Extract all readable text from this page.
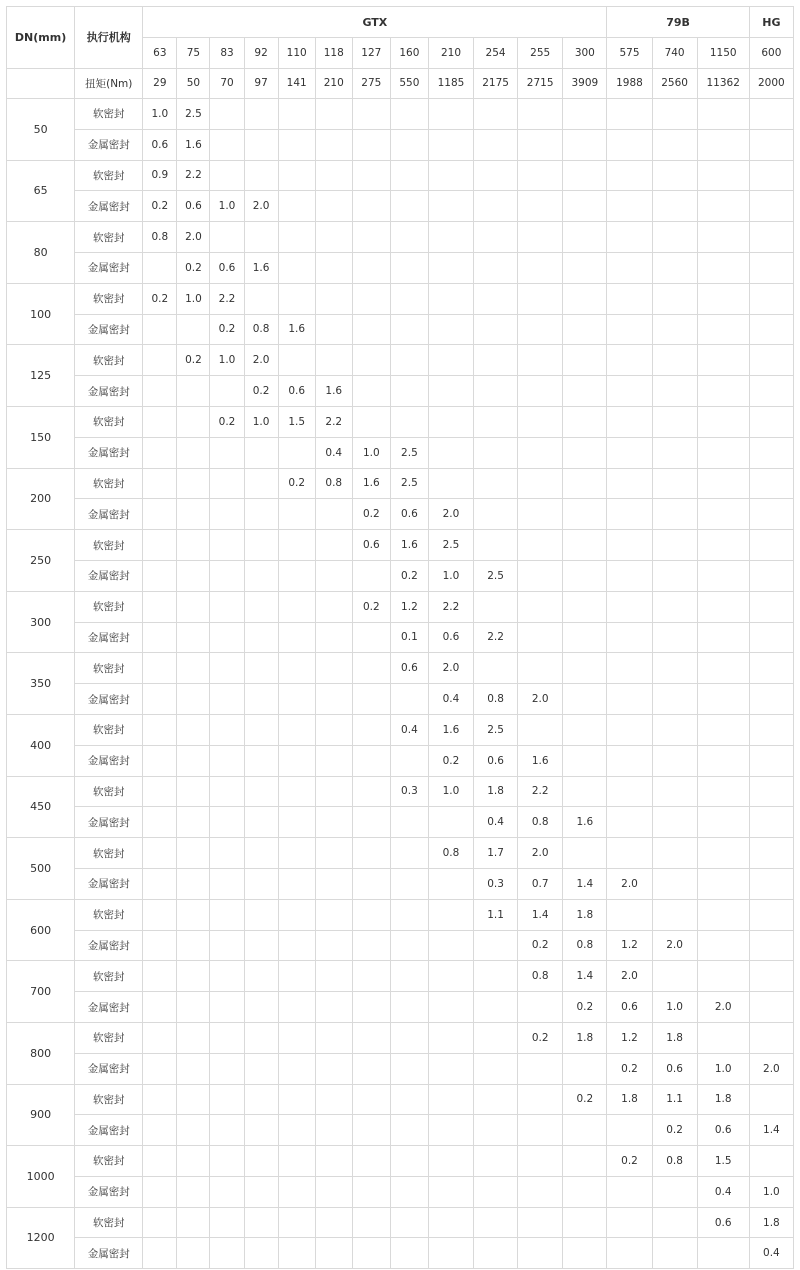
DN(mm)	执行机构	GTX												79B			HG
		63	75	83	92	110	118	127	160	210	254	255	300	575	740	1150	600
	扭矩(Nm)	29	50	70	97	141	210	275	550	1185	2175	2715	3909	1988	2560	11362	2000
50	软密封	1.0	2.5														
	金属密封	0.6	1.6														
65	软密封	0.9	2.2														
	金属密封	0.2	0.6	1.0	2.0												
80	软密封	0.8	2.0														
	金属密封		0.2	0.6	1.6												
100	软密封	0.2	1.0	2.2													
	金属密封			0.2	0.8	1.6											
125	软密封		0.2	1.0	2.0												
	金属密封				0.2	0.6	1.6										
150	软密封			0.2	1.0	1.5	2.2										
	金属密封						0.4	1.0	2.5								
200	软密封					0.2	0.8	1.6	2.5								
	金属密封							0.2	0.6	2.0							
250	软密封							0.6	1.6	2.5							
	金属密封								0.2	1.0	2.5						
300	软密封							0.2	1.2	2.2							
	金属密封								0.1	0.6	2.2						
350	软密封								0.6	2.0							
	金属密封									0.4	0.8	2.0					
400	软密封								0.4	1.6	2.5						
	金属密封									0.2	0.6	1.6					
450	软密封								0.3	1.0	1.8	2.2					
	金属密封										0.4	0.8	1.6				
500	软密封									0.8	1.7	2.0					
	金属密封										0.3	0.7	1.4	2.0			
600	软密封										1.1	1.4	1.8				
	金属密封											0.2	0.8	1.2	2.0		
700	软密封											0.8	1.4	2.0			
	金属密封												0.2	0.6	1.0	2.0	
800	软密封											0.2	1.8	1.2	1.8		
	金属密封													0.2	0.6	1.0	2.0
900	软密封												0.2	1.8	1.1	1.8	
	金属密封														0.2	0.6	1.4
1000	软密封													0.2	0.8	1.5	
	金属密封															0.4	1.0
1200	软密封															0.6	1.8
	金属密封																0.4
